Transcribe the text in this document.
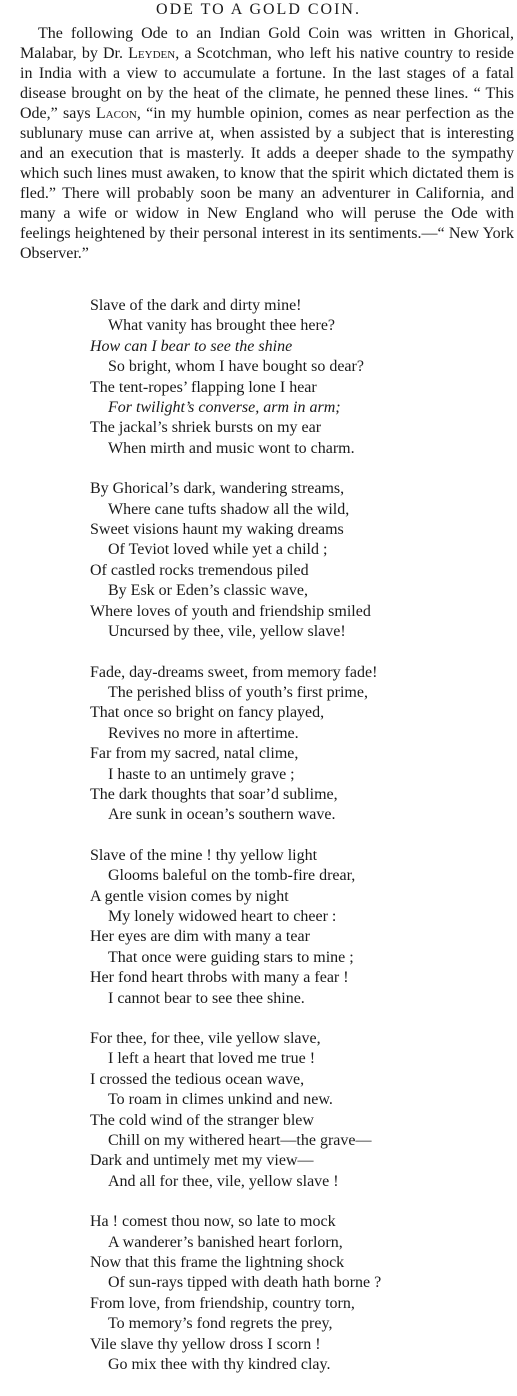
ODE TO A GOLD COIN.
The following Ode to an Indian Gold Coin was written in Ghorical, Malabar, by Dr. Leyden, a Scotchman, who left his native country to reside in India with a view to accumulate a fortune. In the last stages of a fatal disease brought on by the heat of the climate, he penned these lines. “ This Ode,” says Lacon, “in my humble opinion, comes as near perfection as the sublunary muse can arrive at, when assisted by a subject that is interesting and an execution that is masterly. It adds a deeper shade to the sympathy which such lines must awaken, to know that the spirit which dictated them is fled.” There will probably soon be many an adventurer in California, and many a wife or widow in New England who will peruse the Ode with feelings heightened by their personal interest in its sentiments.—“ New York Observer.”
Slave of the dark and dirty mine!
What vanity has brought thee here?
How can I bear to see the shine
So bright, whom I have bought so dear?
The tent-ropes’ flapping lone I hear
For twilight’s converse, arm in arm;
The jackal’s shriek bursts on my ear
When mirth and music wont to charm.
By Ghorical’s dark, wandering streams,
Where cane tufts shadow all the wild,
Sweet visions haunt my waking dreams
Of Teviot loved while yet a child ;
Of castled rocks tremendous piled
By Esk or Eden’s classic wave,
Where loves of youth and friendship smiled
Uncursed by thee, vile, yellow slave!
Fade, day-dreams sweet, from memory fade!
The perished bliss of youth’s first prime,
That once so bright on fancy played,
Revives no more in aftertime.
Far from my sacred, natal clime,
I haste to an untimely grave ;
The dark thoughts that soar’d sublime,
Are sunk in ocean’s southern wave.
Slave of the mine ! thy yellow light
Glooms baleful on the tomb-fire drear,
A gentle vision comes by night
My lonely widowed heart to cheer :
Her eyes are dim with many a tear
That once were guiding stars to mine ;
Her fond heart throbs with many a fear !
I cannot bear to see thee shine.
For thee, for thee, vile yellow slave,
I left a heart that loved me true !
I crossed the tedious ocean wave,
To roam in climes unkind and new.
The cold wind of the stranger blew
Chill on my withered heart—the grave—
Dark and untimely met my view—
And all for thee, vile, yellow slave !
Ha ! comest thou now, so late to mock
A wanderer’s banished heart forlorn,
Now that this frame the lightning shock
Of sun-rays tipped with death hath borne ?
From love, from friendship, country torn,
To memory’s fond regrets the prey,
Vile slave thy yellow dross I scorn !
Go mix thee with thy kindred clay.
